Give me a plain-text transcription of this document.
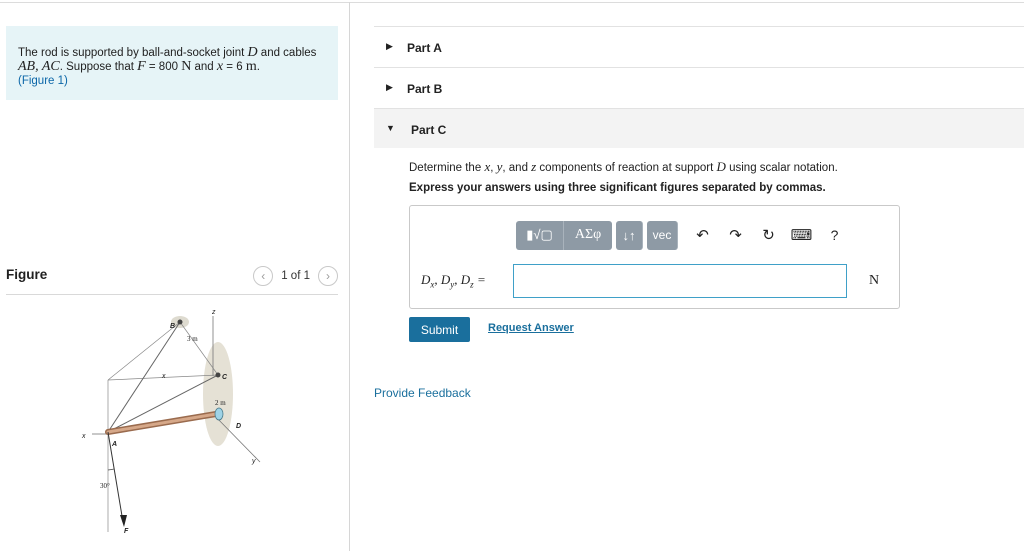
The rod is supported by ball-and-socket joint D and cables
AB, AC. Suppose that F = 800 N and x = 6 m.
(Figure 1)
Figure	‹	1 of 1	›
B
z
3 m
x	C
2 m
D
x
A
y
30°
F
▶ Part A
▶ Part B
▼ Part C
Determine the x, y, and z components of reaction at support D using scalar notation.
Express your answers using three significant figures separated by commas.
▮√▢	ΑΣφ	↓↑	vec	↶	↷	↻	⌨	?
$D_x$, $D_y$, $D_z$ =	N
Submit	Request Answer
Provide Feedback
